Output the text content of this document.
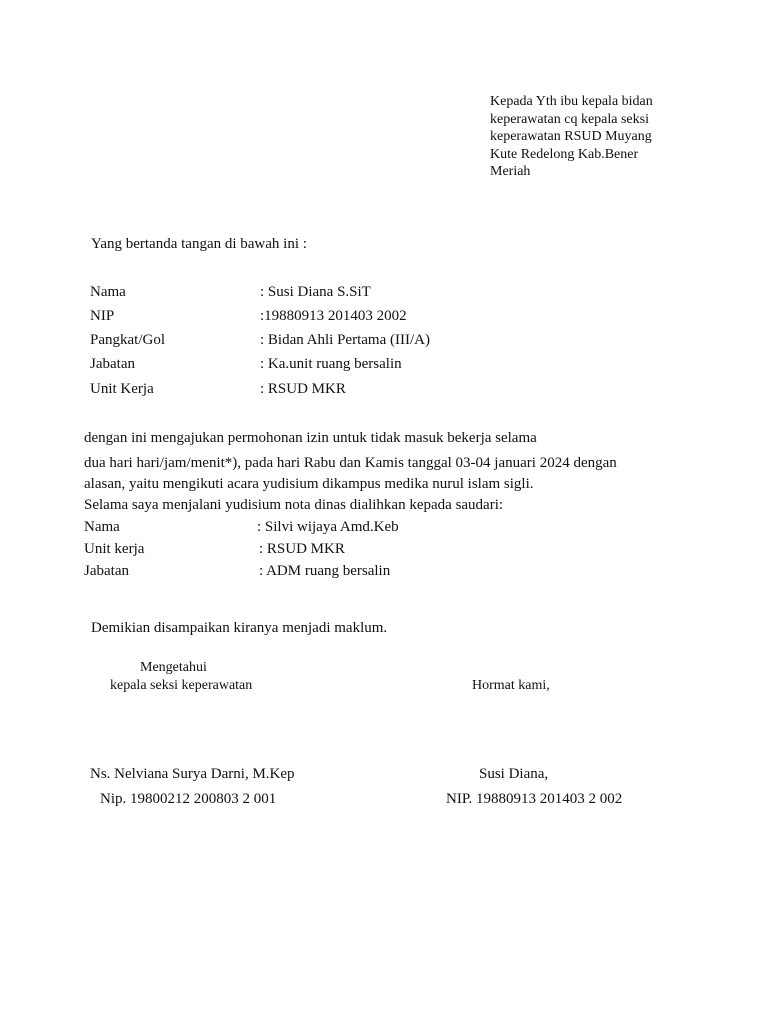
Kepada Yth ibu kepala bidan
keperawatan cq kepala seksi
keperawatan RSUD Muyang
Kute Redelong Kab.Bener
Meriah
Yang bertanda tangan di bawah ini :
Nama	: Susi Diana S.SiT
NIP	:19880913 201403 2002
Pangkat/Gol	: Bidan Ahli Pertama (III/A)
Jabatan	: Ka.unit ruang bersalin
Unit Kerja	: RSUD MKR
dengan ini mengajukan permohonan izin untuk tidak masuk bekerja selama
dua hari hari/jam/menit*), pada hari Rabu dan Kamis tanggal 03-04 januari 2024 dengan
alasan, yaitu mengikuti acara yudisium dikampus medika nurul islam sigli.
Selama saya menjalani yudisium nota dinas dialihkan kepada saudari:
Nama	: Silvi wijaya Amd.Keb
Unit kerja	: RSUD MKR
Jabatan	: ADM ruang bersalin
Demikian disampaikan kiranya menjadi maklum.
Mengetahui
kepala seksi keperawatan
Ns. Nelviana Surya Darni, M.Kep
Nip. 19800212 200803 2 001
Hormat kami,
Susi Diana,
NIP. 19880913 201403 2 002
